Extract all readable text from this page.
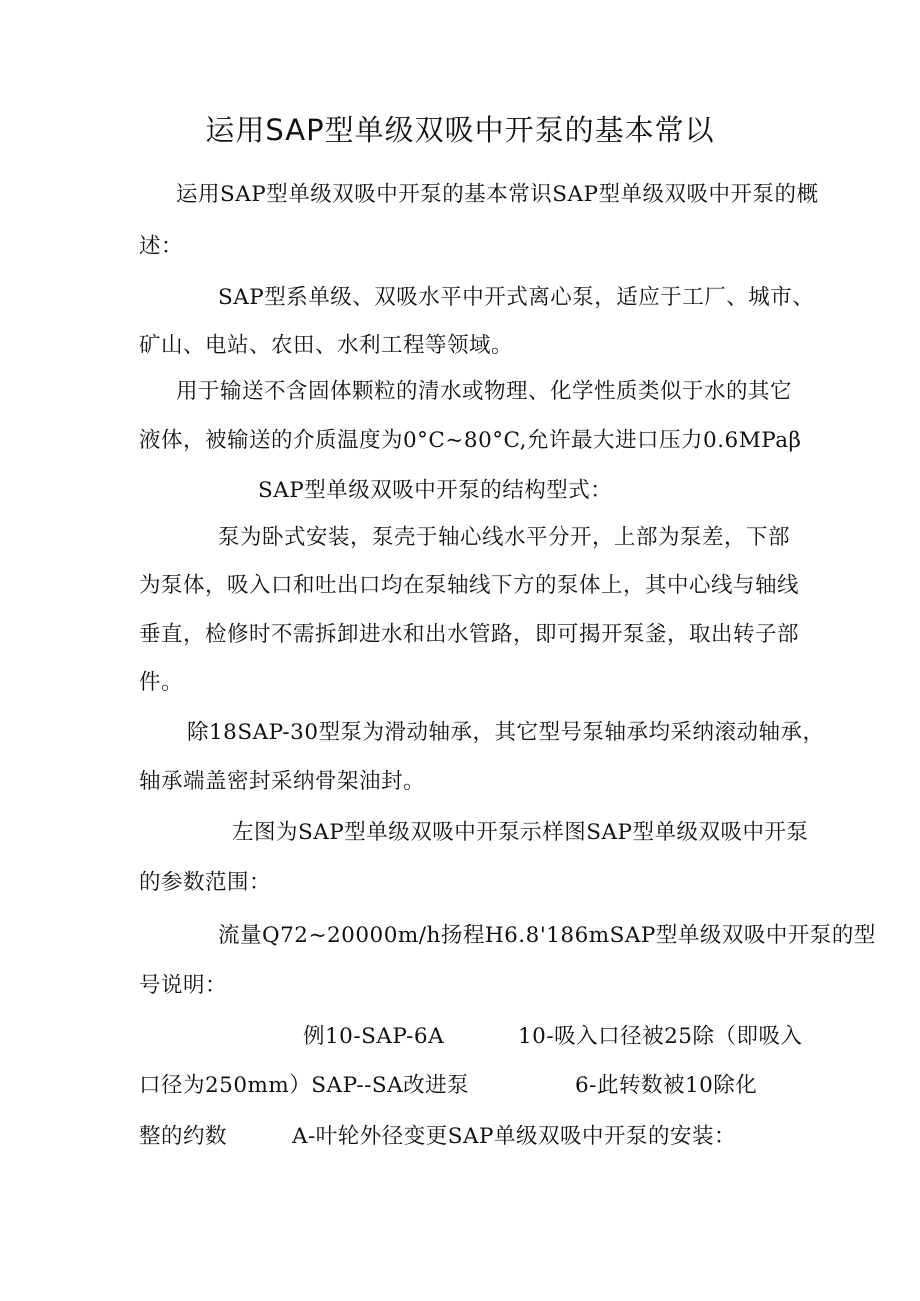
运用SAP型单级双吸中开泵的基本常以
运用SAP型单级双吸中开泵的基本常识SAP型单级双吸中开泵的概
述：
SAP型系单级、双吸水平中开式离心泵，适应于工厂、城市、
矿山、电站、农田、水利工程等领域。
用于输送不含固体颗粒的清水或物理、化学性质类似于水的其它
液体，被输送的介质温度为0°C~80°C,允许最大进口压力0.6MPaβ
SAP型单级双吸中开泵的结构型式：
泵为卧式安装，泵壳于轴心线水平分开，上部为泵差，下部
为泵体，吸入口和吐出口均在泵轴线下方的泵体上，其中心线与轴线
垂直，检修时不需拆卸进水和出水管路，即可揭开泵釜，取出转子部
件。
除18SAP-30型泵为滑动轴承，其它型号泵轴承均采纳滚动轴承，
轴承端盖密封采纳骨架油封。
左图为SAP型单级双吸中开泵示样图SAP型单级双吸中开泵
的参数范围：
流量Q72~20000m/h扬程H6.8'186mSAP型单级双吸中开泵的型
号说明：
例10-SAP-6A	10-吸入口径被25除（即吸入
口径为250mm）SAP--SA改进泵	6-此转数被10除化
整的约数	A-叶轮外径变更SAP单级双吸中开泵的安装：
